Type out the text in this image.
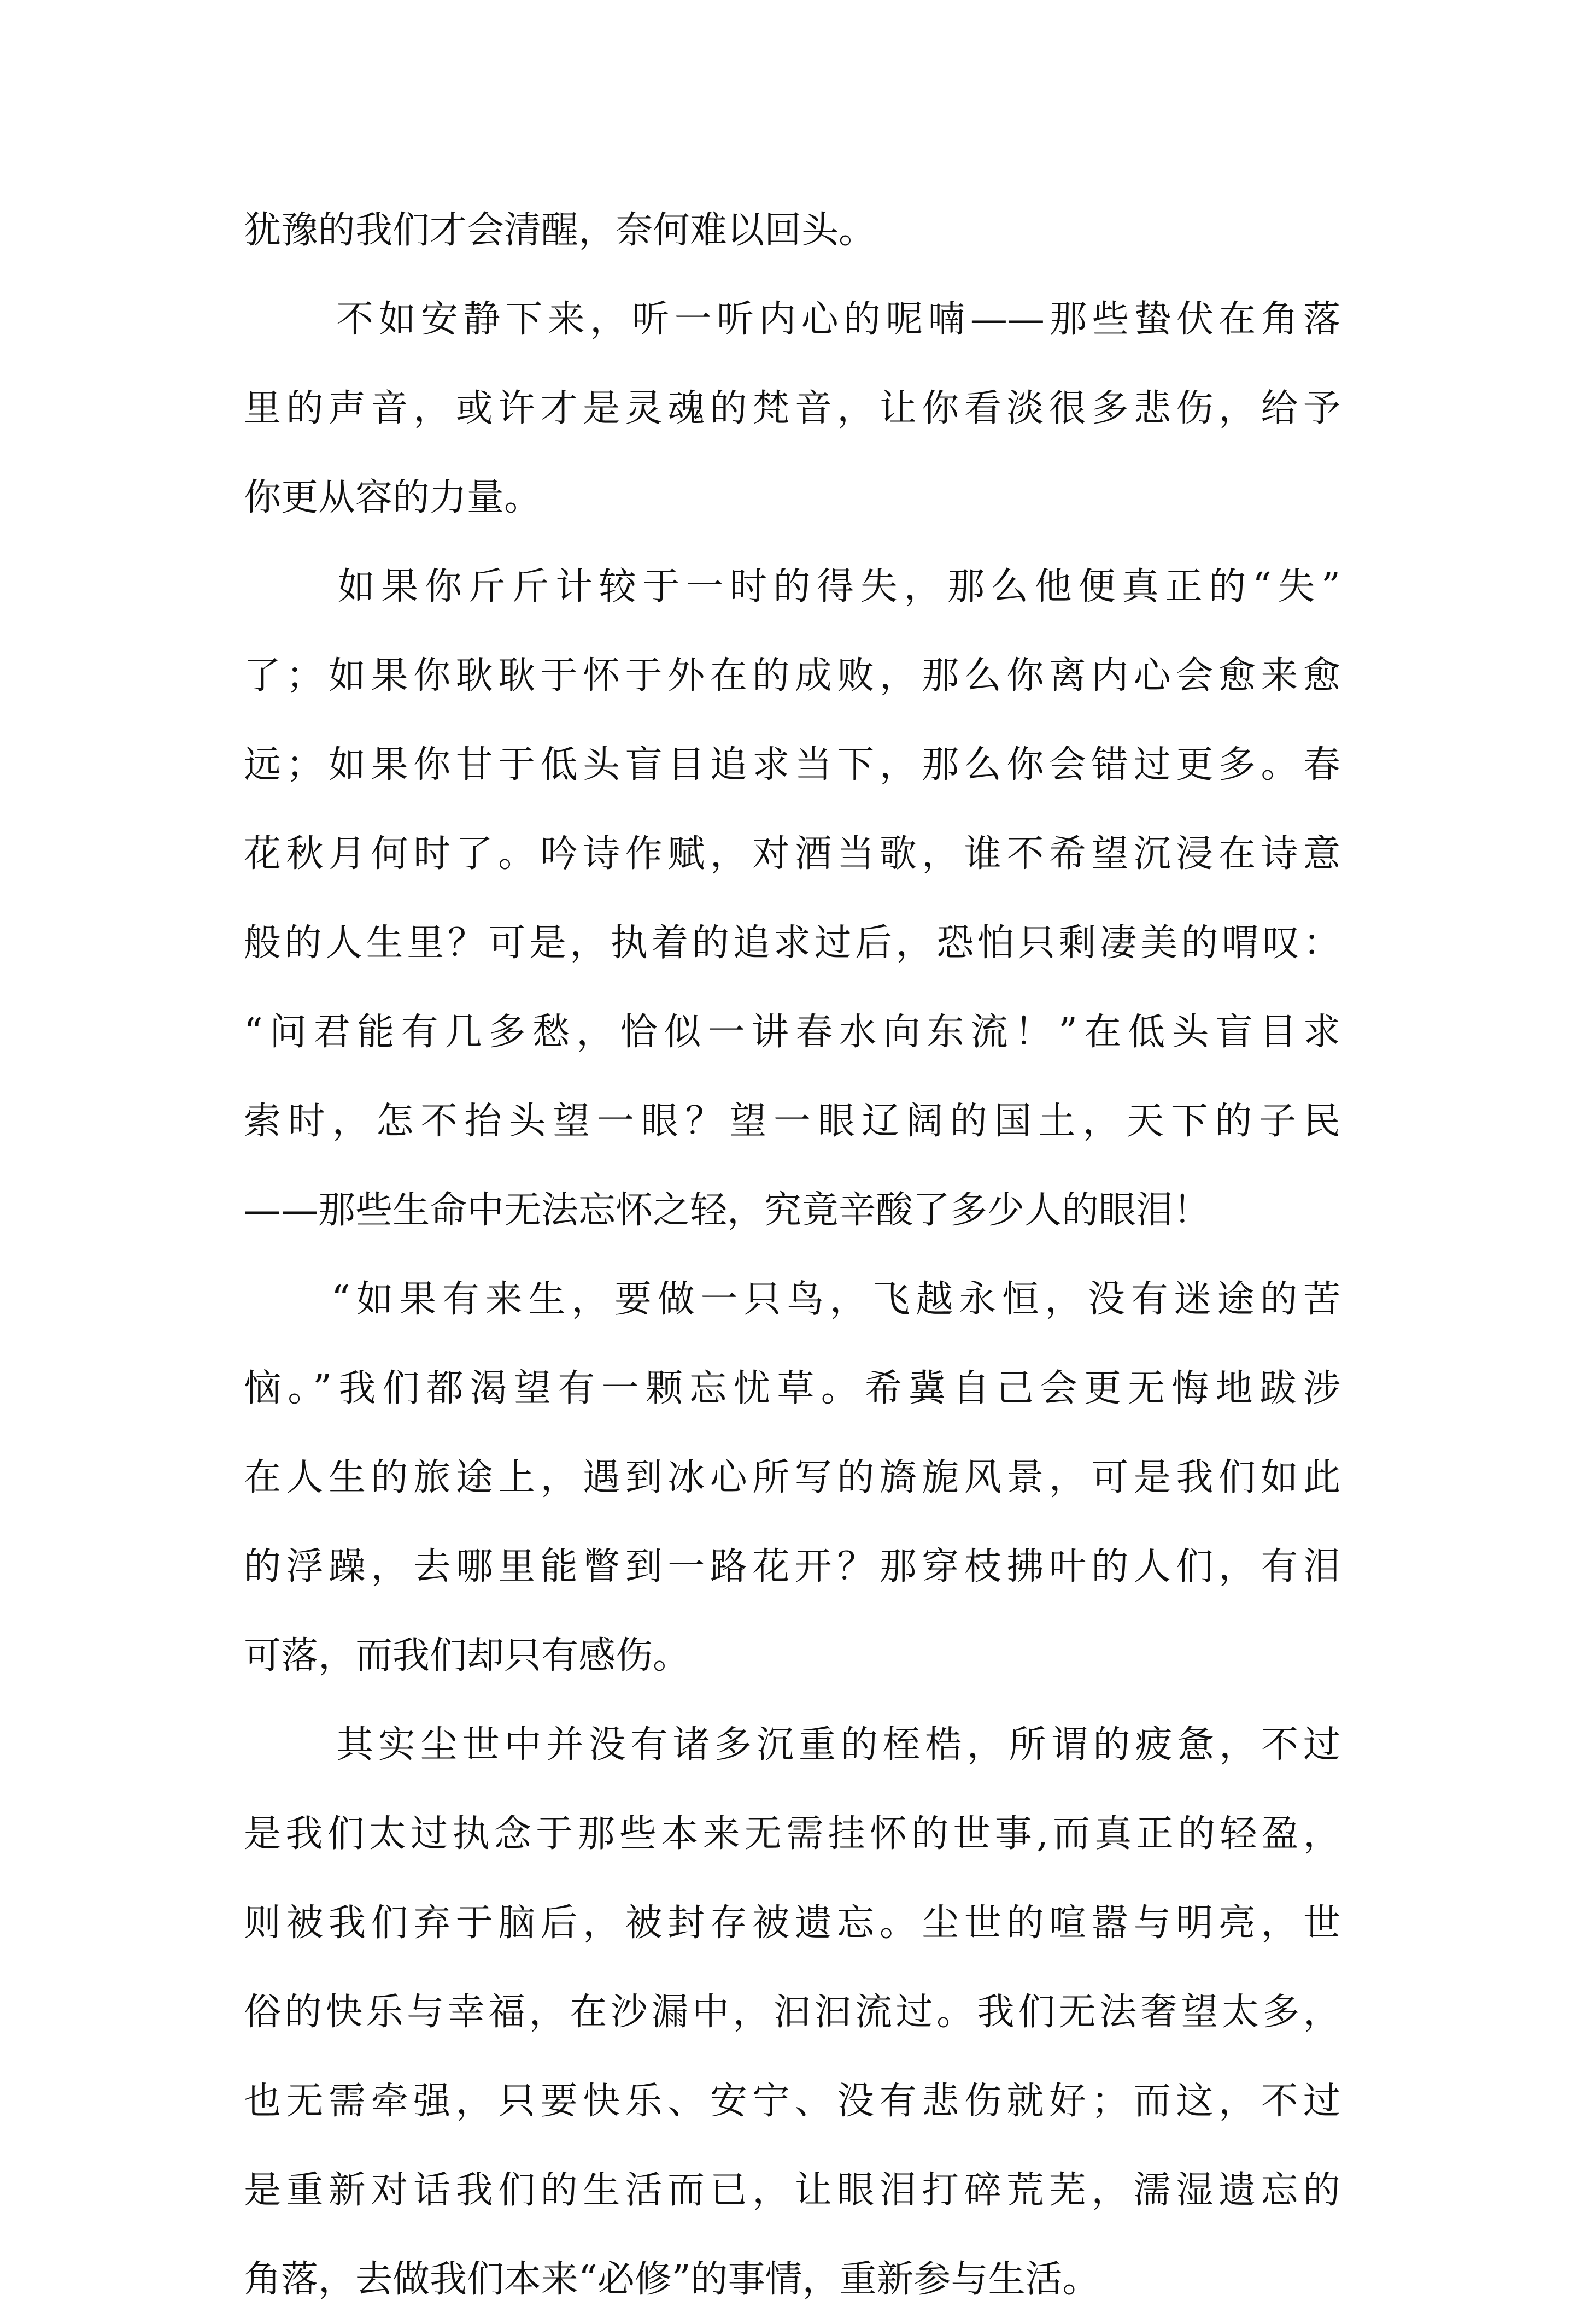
犹豫的我们才会清醒，奈何难以回头。
不如安静下来，听一听内心的呢喃——那些蛰伏在角落
里的声音，或许才是灵魂的梵音，让你看淡很多悲伤，给予
你更从容的力量。
如果你斤斤计较于一时的得失，那么他便真正的“失”
了；如果你耿耿于怀于外在的成败，那么你离内心会愈来愈
远；如果你甘于低头盲目追求当下，那么你会错过更多。春
花秋月何时了。吟诗作赋，对酒当歌，谁不希望沉浸在诗意
般的人生里？可是，执着的追求过后，恐怕只剩凄美的喟叹：
“问君能有几多愁，恰似一讲春水向东流！”在低头盲目求
索时，怎不抬头望一眼？望一眼辽阔的国土，天下的子民
——那些生命中无法忘怀之轻，究竟辛酸了多少人的眼泪！
“如果有来生，要做一只鸟，飞越永恒，没有迷途的苦
恼。”我们都渴望有一颗忘忧草。希冀自己会更无悔地跋涉
在人生的旅途上，遇到冰心所写的旖旎风景，可是我们如此
的浮躁，去哪里能瞥到一路花开？那穿枝拂叶的人们，有泪
可落，而我们却只有感伤。
其实尘世中并没有诸多沉重的桎梏，所谓的疲惫，不过
是我们太过执念于那些本来无需挂怀的世事,而真正的轻盈，
则被我们弃于脑后，被封存被遗忘。尘世的喧嚣与明亮，世
俗的快乐与幸福，在沙漏中，汩汩流过。我们无法奢望太多，
也无需牵强，只要快乐、安宁、没有悲伤就好；而这，不过
是重新对话我们的生活而已，让眼泪打碎荒芜，濡湿遗忘的
角落，去做我们本来“必修”的事情，重新参与生活。
